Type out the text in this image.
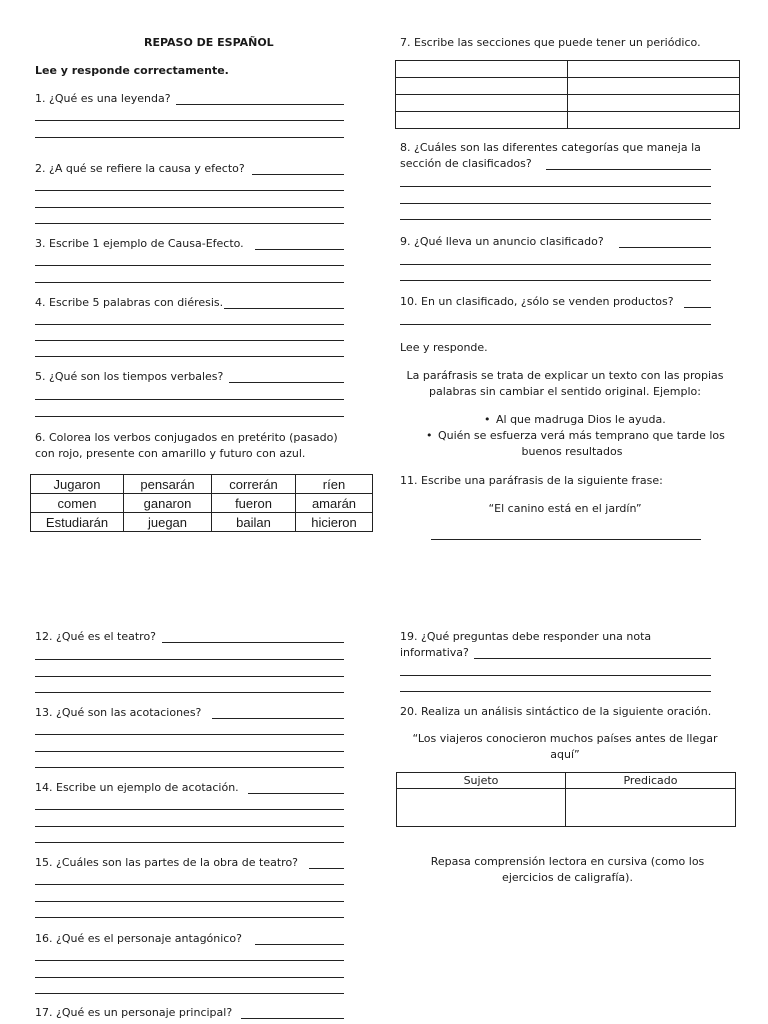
REPASO DE ESPAÑOL
Lee y responde correctamente.
1. ¿Qué es una leyenda?
2. ¿A qué se refiere la causa y efecto?
3. Escribe 1 ejemplo de Causa-Efecto.
4. Escribe 5 palabras con diéresis.
5. ¿Qué son los tiempos verbales?
6. Colorea los verbos conjugados en pretérito (pasado)
con rojo, presente con amarillo y futuro con azul.
Jugaron	pensarán	correrán	ríen
comen	ganaron	fueron	amarán
Estudiarán	juegan	bailan	hicieron
12. ¿Qué es el teatro?
13. ¿Qué son las acotaciones?
14. Escribe un ejemplo de acotación.
15. ¿Cuáles son las partes de la obra de teatro?
16. ¿Qué es el personaje antagónico?
17. ¿Qué es un personaje principal?
7. Escribe las secciones que puede tener un periódico.

8. ¿Cuáles son las diferentes categorías que maneja la
sección de clasificados?
9. ¿Qué lleva un anuncio clasificado?
10. En un clasificado, ¿sólo se venden productos?
Lee y responde.
La paráfrasis se trata de explicar un texto con las propias
palabras sin cambiar el sentido original. Ejemplo:
• Al que madruga Dios le ayuda.
• Quién se esfuerza verá más temprano que tarde los
buenos resultados
11. Escribe una paráfrasis de la siguiente frase:
“El canino está en el jardín”
19. ¿Qué preguntas debe responder una nota
informativa?
20. Realiza un análisis sintáctico de la siguiente oración.
“Los viajeros conocieron muchos países antes de llegar
aquí”
Sujeto	Predicado

Repasa comprensión lectora en cursiva (como los
ejercicios de caligrafía).
